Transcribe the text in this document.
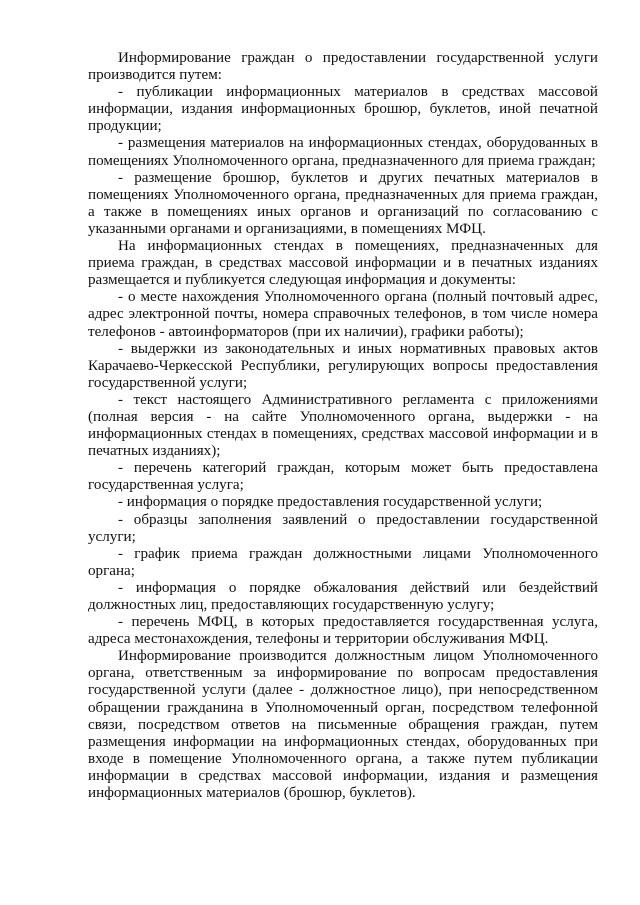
Информирование граждан о предоставлении государственной услуги производится путем:

- публикации информационных материалов в средствах массовой информации, издания информационных брошюр, буклетов, иной печатной продукции;

- размещения материалов на информационных стендах, оборудованных в помещениях Уполномоченного органа, предназначенного для приема граждан;

- размещение брошюр, буклетов и других печатных материалов в помещениях Уполномоченного органа, предназначенных для приема граждан, а также в помещениях иных органов и организаций по согласованию с указанными органами и организациями, в помещениях МФЦ.

На информационных стендах в помещениях, предназначенных для приема граждан, в средствах массовой информации и в печатных изданиях размещается и публикуется следующая информация и документы:

- о месте нахождения Уполномоченного органа (полный почтовый адрес, адрес электронной почты, номера справочных телефонов, в том числе номера телефонов - автоинформаторов (при их наличии), графики работы);

- выдержки из законодательных и иных нормативных правовых актов Карачаево-Черкесской Республики, регулирующих вопросы предоставления государственной услуги;

- текст настоящего Административного регламента с приложениями (полная версия - на сайте Уполномоченного органа, выдержки - на информационных стендах в помещениях, средствах массовой информации и в печатных изданиях);

- перечень категорий граждан, которым может быть предоставлена государственная услуга;

- информация о порядке предоставления государственной услуги;

- образцы заполнения заявлений о предоставлении государственной услуги;

- график приема граждан должностными лицами Уполномоченного органа;

- информация о порядке обжалования действий или бездействий должностных лиц, предоставляющих государственную услугу;

- перечень МФЦ, в которых предоставляется государственная услуга, адреса местонахождения, телефоны и территории обслуживания МФЦ.

Информирование производится должностным лицом Уполномоченного органа, ответственным за информирование по вопросам предоставления государственной услуги (далее - должностное лицо), при непосредственном обращении гражданина в Уполномоченный орган, посредством телефонной связи, посредством ответов на письменные обращения граждан, путем размещения информации на информационных стендах, оборудованных при входе в помещение Уполномоченного органа, а также путем публикации информации в средствах массовой информации, издания и размещения информационных материалов (брошюр, буклетов).
